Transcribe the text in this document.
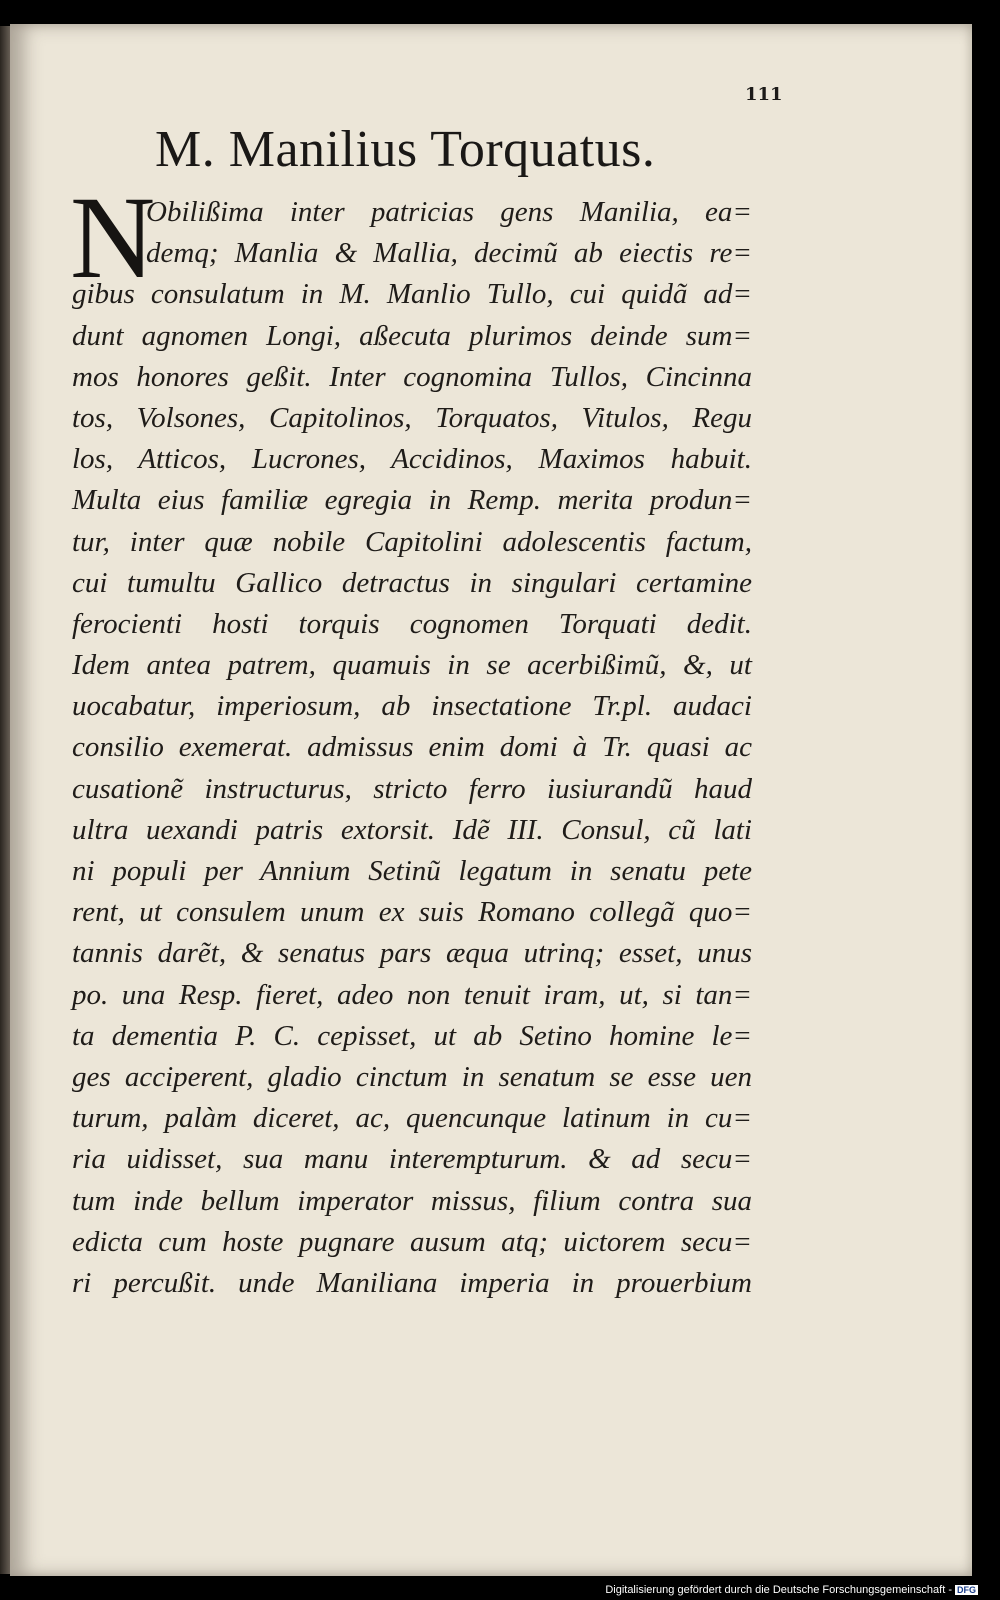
111
M. Manilius Torquatus.
N
Obilißima inter patricias gens Manilia, ea=
demq; Manlia & Mallia, decimũ ab eiectis re=
gibus consulatum in M. Manlio Tullo, cui quidã ad=
dunt agnomen Longi, aßecuta plurimos deinde sum=
mos honores geßit. Inter cognomina Tullos, Cincinna
tos, Volsones, Capitolinos, Torquatos, Vitulos, Regu
los, Atticos, Lucrones, Accidinos, Maximos habuit.
Multa eius familiæ egregia in Remp. merita produn=
tur, inter quæ nobile Capitolini adolescentis factum,
cui tumultu Gallico detractus in singulari certamine
ferocienti hosti torquis cognomen Torquati dedit.
Idem antea patrem, quamuis in se acerbißimũ, &, ut
uocabatur, imperiosum, ab insectatione Tr.pl. audaci
consilio exemerat. admissus enim domi à Tr. quasi ac
cusationẽ instructurus, stricto ferro iusiurandũ haud
ultra uexandi patris extorsit. Idẽ III. Consul, cũ lati
ni populi per Annium Setinũ legatum in senatu pete
rent, ut consulem unum ex suis Romano collegã quo=
tannis darẽt, & senatus pars æqua utrinq; esset, unus
po. una Resp. fieret, adeo non tenuit iram, ut, si tan=
ta dementia P. C. cepisset, ut ab Setino homine le=
ges acciperent, gladio cinctum in senatum se esse uen
turum, palàm diceret, ac, quencunque latinum in cu=
ria uidisset, sua manu interempturum. & ad secu=
tum inde bellum imperator missus, filium contra sua
edicta cum hoste pugnare ausum atq; uictorem secu=
ri percußit. unde Maniliana imperia in prouerbium
Digitalisierung gefördert durch die Deutsche Forschungsgemeinschaft - DFG
